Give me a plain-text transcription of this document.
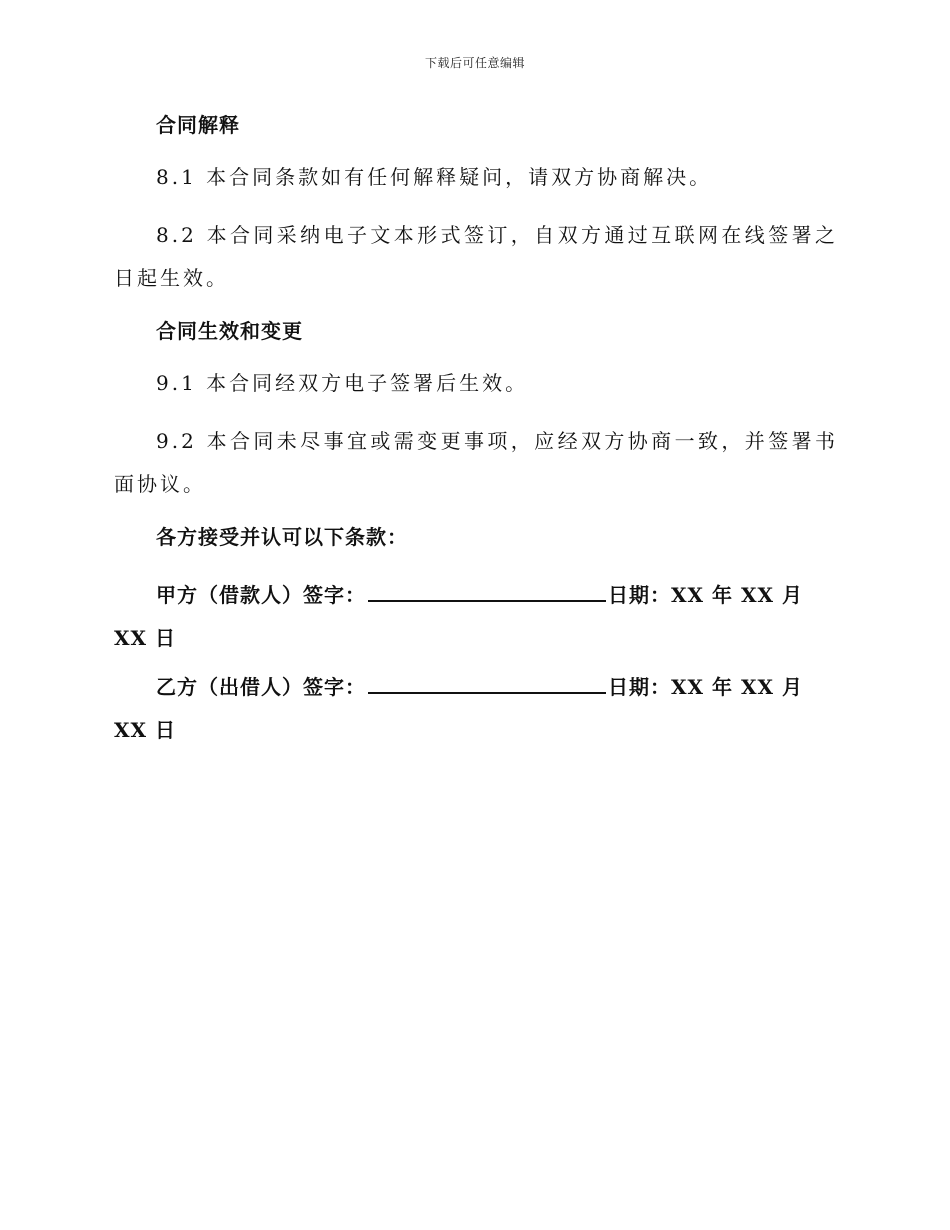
下载后可任意编辑
合同解释

8.1 本合同条款如有任何解释疑问，请双方协商解决。

8.2 本合同采纳电子文本形式签订，自双方通过互联网在线签署之日起生效。

合同生效和变更

9.1 本合同经双方电子签署后生效。

9.2 本合同未尽事宜或需变更事项，应经双方协商一致，并签署书面协议。

各方接受并认可以下条款：

甲方（借款人）签字：	日期：XX 年 XX 月 XX 日

乙方（出借人）签字：	日期：XX 年 XX 月 XX 日
